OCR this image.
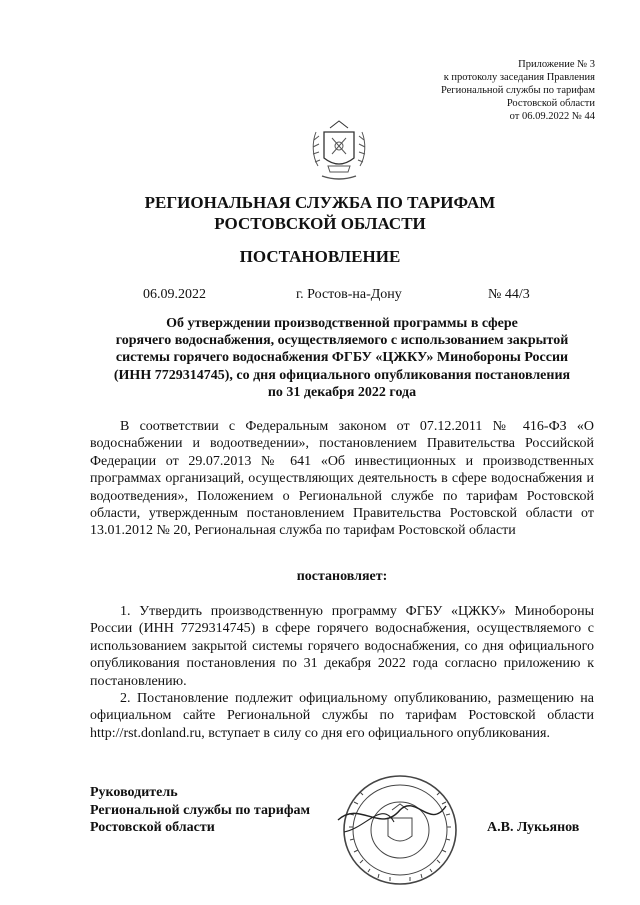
Приложение № 3
к протоколу заседания Правления
Региональной службы по тарифам
Ростовской области
от 06.09.2022 № 44
РЕГИОНАЛЬНАЯ СЛУЖБА ПО ТАРИФАМ
РОСТОВСКОЙ ОБЛАСТИ
ПОСТАНОВЛЕНИЕ
06.09.2022	г. Ростов-на-Дону	№ 44/3
Об утверждении производственной программы в сфере
горячего водоснабжения, осуществляемого с использованием закрытой
системы горячего водоснабжения ФГБУ «ЦЖКУ» Минобороны России
(ИНН 7729314745), со дня официального опубликования постановления
по 31 декабря 2022 года
В соответствии с Федеральным законом от 07.12.2011 № 416-ФЗ «О водоснабжении и водоотведении», постановлением Правительства Российской Федерации от 29.07.2013 № 641 «Об инвестиционных и производственных программах организаций, осуществляющих деятельность в сфере водоснабжения и водоотведения», Положением о Региональной службе по тарифам Ростовской области, утвержденным постановлением Правительства Ростовской области от 13.01.2012 № 20, Региональная служба по тарифам Ростовской области
постановляет:
1. Утвердить производственную программу ФГБУ «ЦЖКУ» Минобороны России (ИНН 7729314745) в сфере горячего водоснабжения, осуществляемого с использованием закрытой системы горячего водоснабжения, со дня официального опубликования постановления по 31 декабря 2022 года согласно приложению к постановлению.
2. Постановление подлежит официальному опубликованию, размещению на официальном сайте Региональной службы по тарифам Ростовской области http://rst.donland.ru, вступает в силу со дня его официального опубликования.
Руководитель
Региональной службы по тарифам
Ростовской области	А.В. Лукьянов
